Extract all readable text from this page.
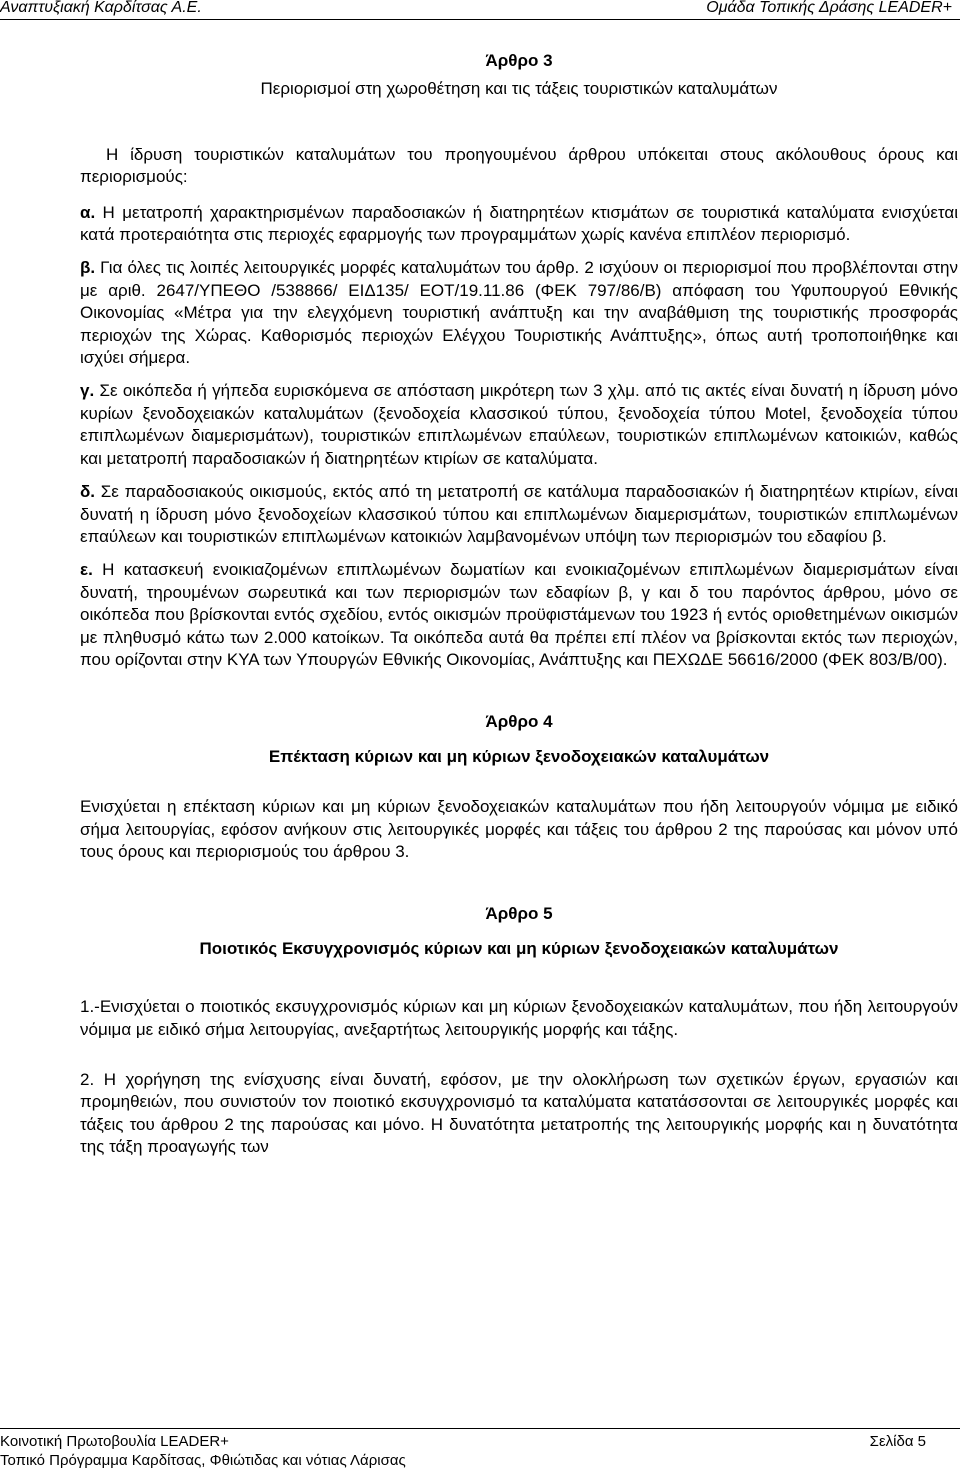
Αναπτυξιακή Καρδίτσας Α.Ε.	Ομάδα Τοπικής Δράσης LEADER+

Άρθρο 3

Περιορισμοί στη χωροθέτηση και τις τάξεις τουριστικών καταλυμάτων

Η ίδρυση τουριστικών καταλυμάτων του προηγουμένου άρθρου υπόκειται στους ακόλουθους όρους και περιορισμούς:

α. Η μετατροπή χαρακτηρισμένων παραδοσιακών ή διατηρητέων κτισμάτων σε τουριστικά καταλύματα ενισχύεται κατά προτεραιότητα στις περιοχές εφαρμογής των προγραμμάτων χωρίς κανένα επιπλέον περιορισμό.

β. Για όλες τις λοιπές λειτουργικές μορφές καταλυμάτων του άρθρ. 2 ισχύουν οι περιορισμοί που προβλέπονται στην με αριθ. 2647/ΥΠΕΘΟ /538866/ ΕΙΔ135/ ΕΟΤ/19.11.86 (ΦΕΚ 797/86/Β) απόφαση του Υφυπουργού Εθνικής Οικονομίας «Μέτρα για την ελεγχόμενη τουριστική ανάπτυξη και την αναβάθμιση της τουριστικής προσφοράς περιοχών της Χώρας. Καθορισμός περιοχών Ελέγχου Τουριστικής Ανάπτυξης», όπως αυτή τροποποιήθηκε και ισχύει σήμερα.

γ. Σε οικόπεδα ή γήπεδα ευρισκόμενα σε απόσταση μικρότερη των 3 χλμ. από τις ακτές είναι δυνατή η ίδρυση μόνο κυρίων ξενοδοχειακών καταλυμάτων (ξενοδοχεία κλασσικού τύπου, ξενοδοχεία τύπου Motel, ξενοδοχεία τύπου επιπλωμένων διαμερισμάτων), τουριστικών επιπλωμένων επαύλεων, τουριστικών επιπλωμένων κατοικιών, καθώς και μετατροπή παραδοσιακών ή διατηρητέων κτιρίων σε καταλύματα.

δ. Σε παραδοσιακούς οικισμούς, εκτός από τη μετατροπή σε κατάλυμα παραδοσιακών ή διατηρητέων κτιρίων, είναι δυνατή η ίδρυση μόνο ξενοδοχείων κλασσικού τύπου και επιπλωμένων διαμερισμάτων, τουριστικών επιπλωμένων επαύλεων και τουριστικών επιπλωμένων κατοικιών λαμβανομένων υπόψη των περιορισμών του εδαφίου β.

ε. Η κατασκευή ενοικιαζομένων επιπλωμένων δωματίων και ενοικιαζομένων επιπλωμένων διαμερισμάτων είναι δυνατή, τηρουμένων σωρευτικά και των περιορισμών των εδαφίων β, γ και δ του παρόντος άρθρου, μόνο σε οικόπεδα που βρίσκονται εντός σχεδίου, εντός οικισμών προϋφιστάμενων του 1923 ή εντός οριοθετημένων οικισμών με πληθυσμό κάτω των 2.000 κατοίκων. Τα οικόπεδα αυτά θα πρέπει επί πλέον να βρίσκονται εκτός των περιοχών, που ορίζονται στην ΚΥΑ των Υπουργών Εθνικής Οικονομίας, Ανάπτυξης και ΠΕΧΩΔΕ 56616/2000 (ΦΕΚ 803/Β/00).

Άρθρο 4

Επέκταση κύριων και μη κύριων ξενοδοχειακών καταλυμάτων

Ενισχύεται η επέκταση κύριων και μη κύριων ξενοδοχειακών καταλυμάτων που ήδη λειτουργούν νόμιμα με ειδικό σήμα λειτουργίας, εφόσον ανήκουν στις λειτουργικές μορφές και τάξεις του άρθρου 2 της παρούσας και μόνον υπό τους όρους και περιορισμούς του άρθρου 3.

Άρθρο 5

Ποιοτικός Εκσυγχρονισμός κύριων και μη κύριων ξενοδοχειακών καταλυμάτων

1.-Ενισχύεται ο ποιοτικός εκσυγχρονισμός κύριων και μη κύριων ξενοδοχειακών καταλυμάτων, που ήδη λειτουργούν νόμιμα με ειδικό σήμα λειτουργίας, ανεξαρτήτως λειτουργικής μορφής και τάξης.

2. Η χορήγηση της ενίσχυσης είναι δυνατή, εφόσον, με την ολοκλήρωση των σχετικών έργων, εργασιών και προμηθειών, που συνιστούν τον ποιοτικό εκσυγχρονισμό τα καταλύματα κατατάσσονται σε λειτουργικές μορφές και τάξεις του άρθρου 2 της παρούσας και μόνο. Η δυνατότητα μετατροπής της λειτουργικής μορφής και η δυνατότητα της τάξη προαγωγής των

Κοινοτική Πρωτοβουλία LEADER+
Τοπικό Πρόγραμμα Καρδίτσας, Φθιώτιδας και νότιας Λάρισας
Σελίδα 5
